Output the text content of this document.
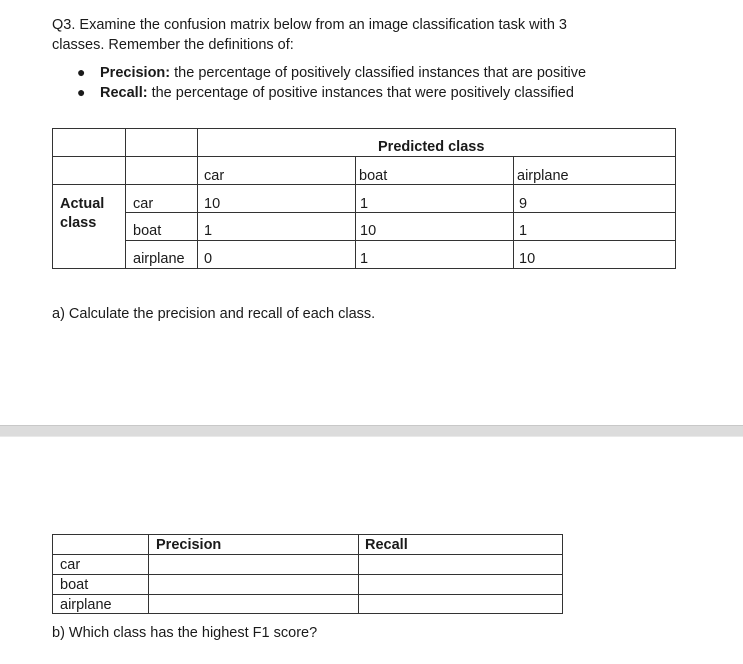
Q3. Examine the confusion matrix below from an image classification task with 3
classes. Remember the definitions of:
● Precision: the percentage of positively classified instances that are positive
● Recall: the percentage of positive instances that were positively classified
Predicted class
car	boat	airplane
Actual
class
car	10	1	9
boat	1	10	1
airplane 0	1	10
a) Calculate the precision and recall of each class.
Precision	Recall
car
boat
airplane
b) Which class has the highest F1 score?
